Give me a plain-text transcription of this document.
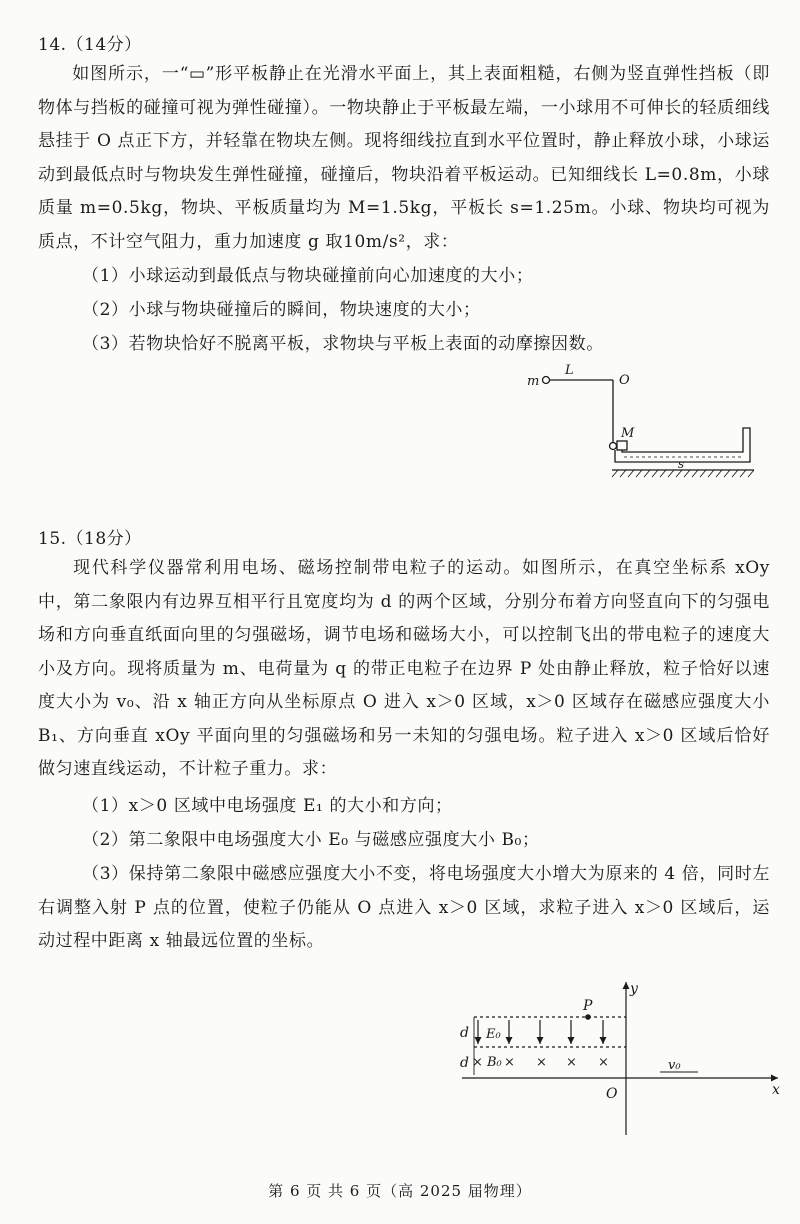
14.（14分）

如图所示，一“▭”形平板静止在光滑水平面上，其上表面粗糙，右侧为竖直弹性挡板（即物体与挡板的碰撞可视为弹性碰撞）。一物块静止于平板最左端，一小球用不可伸长的轻质细线悬挂于 O 点正下方，并轻靠在物块左侧。现将细线拉直到水平位置时，静止释放小球，小球运动到最低点时与物块发生弹性碰撞，碰撞后，物块沿着平板运动。已知细线长 L=0.8m，小球质量 m=0.5kg，物块、平板质量均为 M=1.5kg，平板长 s=1.25m。小球、物块均可视为质点，不计空气阻力，重力加速度 g 取10m/s²，求：

（1）小球运动到最低点与物块碰撞前向心加速度的大小；
（2）小球与物块碰撞后的瞬间，物块速度的大小；
（3）若物块恰好不脱离平板，求物块与平板上表面的动摩擦因数。
m
L
O
M
s
15.（18分）

现代科学仪器常利用电场、磁场控制带电粒子的运动。如图所示，在真空坐标系 xOy 中，第二象限内有边界互相平行且宽度均为 d 的两个区域，分别分布着方向竖直向下的匀强电场和方向垂直纸面向里的匀强磁场，调节电场和磁场大小，可以控制飞出的带电粒子的速度大小及方向。现将质量为 m、电荷量为 q 的带正电粒子在边界 P 处由静止释放，粒子恰好以速度大小为 v₀、沿 x 轴正方向从坐标原点 O 进入 x＞0 区域，x＞0 区域存在磁感应强度大小 B₁、方向垂直 xOy 平面向里的匀强磁场和另一未知的匀强电场。粒子进入 x＞0 区域后恰好做匀速直线运动，不计粒子重力。求：

（1）x＞0 区域中电场强度 E₁ 的大小和方向；
（2）第二象限中电场强度大小 E₀ 与磁感应强度大小 B₀；

（3）保持第二象限中磁感应强度大小不变，将电场强度大小增大为原来的 4 倍，同时左右调整入射 P 点的位置，使粒子仍能从 O 点进入 x＞0 区域，求粒子进入 x＞0 区域后，运动过程中距离 x 轴最远位置的坐标。

y
x
O
P
d
d
E₀
× B₀ × × × ×	v₀
第 6 页 共 6 页（高 2025 届物理）
